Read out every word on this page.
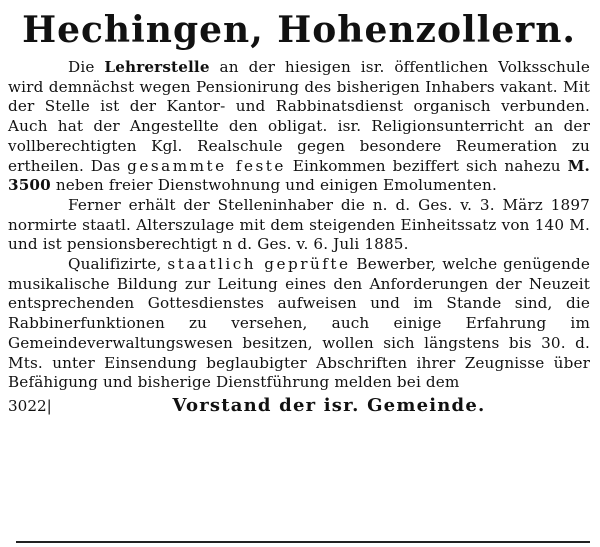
Hechingen, Hohenzollern.

Die Lehrerstelle an der hiesigen isr. öffentlichen Volksschule wird demnächst wegen Pensionirung des bisherigen Inhabers vakant. Mit der Stelle ist der Kantor- und Rabbinatsdienst organisch verbunden. Auch hat der Angestellte den obligat. isr. Religionsunterricht an der vollberechtigten Kgl. Realschule gegen besondere Reumeration zu ertheilen. Das gesammte feste Einkommen beziffert sich nahezu M. 3500 neben freier Dienstwohnung und einigen Emolumenten.

Ferner erhält der Stelleninhaber die n. d. Ges. v. 3. März 1897 normirte staatl. Alterszulage mit dem steigenden Einheitssatz von 140 M. und ist pensionsberechtigt n d. Ges. v. 6. Juli 1885.

Qualifizirte, staatlich geprüfte Bewerber, welche genügende musikalische Bildung zur Leitung eines den Anforderungen der Neuzeit entsprechenden Gottesdienstes aufweisen und im Stande sind, die Rabbinerfunktionen zu versehen, auch einige Erfahrung im Gemeindeverwaltungswesen besitzen, wollen sich längstens bis 30. d. Mts. unter Einsendung beglaubigter Abschriften ihrer Zeugnisse über Befähigung und bisherige Dienstführung melden bei dem

3022|	Vorstand der isr. Gemeinde.
